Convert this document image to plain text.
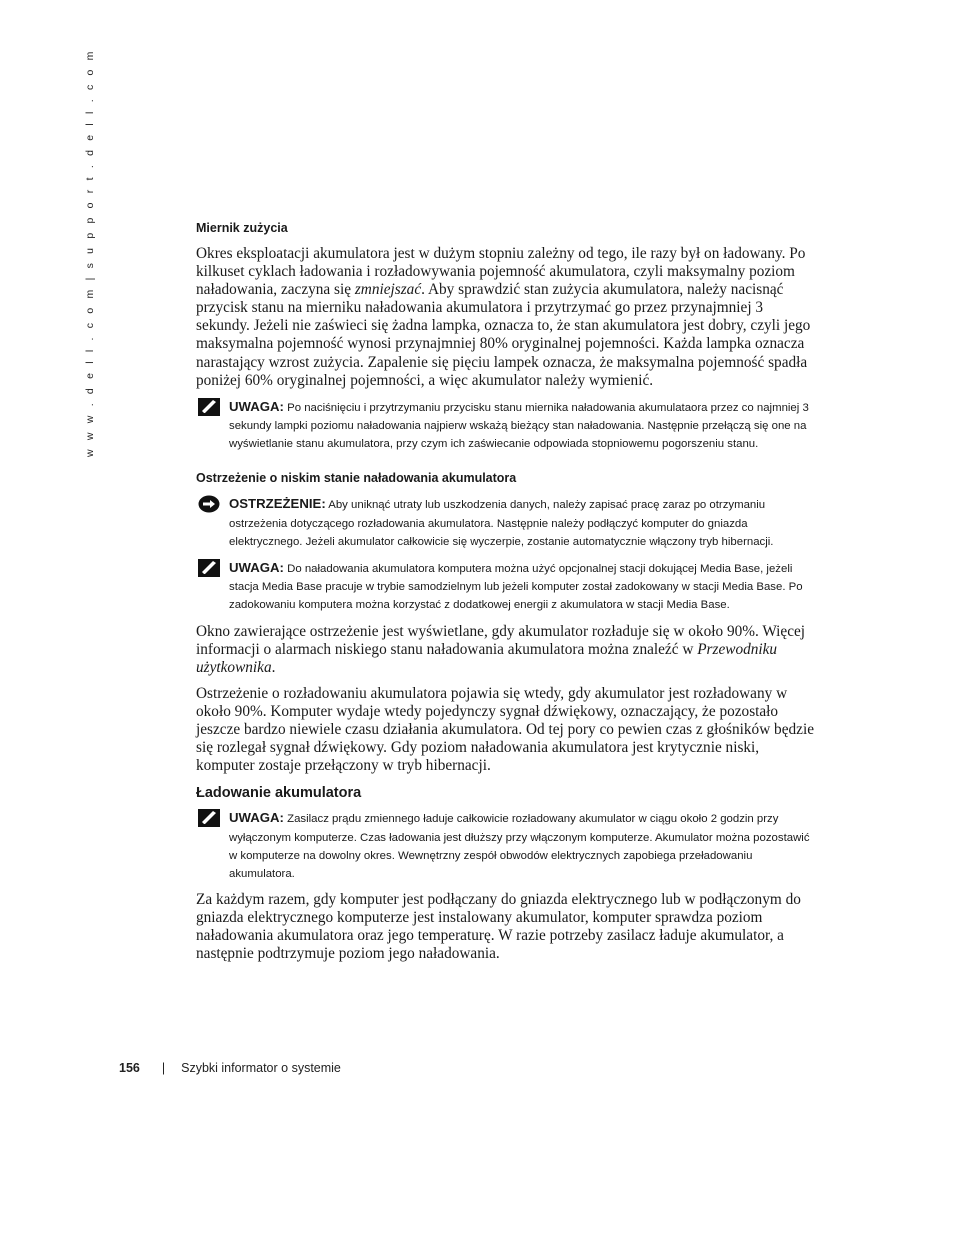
w w w . d e l l . c o m | s u p p o r t . d e l l . c o m	Miernik zużycia

Okres eksploatacji akumulatora jest w dużym stopniu zależny od tego, ile razy był on ładowany. Po kilkuset cyklach ładowania i rozładowywania pojemność akumulatora, czyli maksymalny poziom naładowania, zaczyna się zmniejszać. Aby sprawdzić stan zużycia akumulatora, należy nacisnąć przycisk stanu na mierniku naładowania akumulatora i przytrzymać go przez przynajmniej 3 sekundy. Jeżeli nie zaświeci się żadna lampka, oznacza to, że stan akumulatora jest dobry, czyli jego maksymalna pojemność wynosi przynajmniej 80% oryginalnej pojemności. Każda lampka oznacza narastający wzrost zużycia. Zapalenie się pięciu lampek oznacza, że maksymalna pojemność spadła poniżej 60% oryginalnej pojemności, a więc akumulator należy wymienić.

UWAGA: Po naciśnięciu i przytrzymaniu przycisku stanu miernika naładowania akumulataora przez co najmniej 3 sekundy lampki poziomu naładowania najpierw wskażą bieżący stan naładowania. Następnie przełączą się one na wyświetlanie stanu akumulatora, przy czym ich zaświecanie odpowiada stopniowemu pogorszeniu stanu.
Ostrzeżenie o niskim stanie naładowania akumulatora
OSTRZEŻENIE: Aby uniknąć utraty lub uszkodzenia danych, należy zapisać pracę zaraz po otrzymaniu ostrzeżenia dotyczącego rozładowania akumulatora. Następnie należy podłączyć komputer do gniazda elektrycznego. Jeżeli akumulator całkowicie się wyczerpie, zostanie automatycznie włączony tryb hibernacji.
UWAGA: Do naładowania akumulatora komputera można użyć opcjonalnej stacji dokującej Media Base, jeżeli stacja Media Base pracuje w trybie samodzielnym lub jeżeli komputer został zadokowany w stacji Media Base. Po zadokowaniu komputera można korzystać z dodatkowej energii z akumulatora w stacji Media Base.

Okno zawierające ostrzeżenie jest wyświetlane, gdy akumulator rozładuje się w około 90%. Więcej informacji o alarmach niskiego stanu naładowania akumulatora można znaleźć w Przewodniku użytkownika.

Ostrzeżenie o rozładowaniu akumulatora pojawia się wtedy, gdy akumulator jest rozładowany w około 90%. Komputer wydaje wtedy pojedynczy sygnał dźwiękowy, oznaczający, że pozostało jeszcze bardzo niewiele czasu działania akumulatora. Od tej pory co pewien czas z głośników będzie się rozlegał sygnał dźwiękowy. Gdy poziom naładowania akumulatora jest krytycznie niski, komputer zostaje przełączony w tryb hibernacji.

Ładowanie akumulatora
UWAGA: Zasilacz prądu zmiennego ładuje całkowicie rozładowany akumulator w ciągu około 2 godzin przy wyłączonym komputerze. Czas ładowania jest dłuższy przy włączonym komputerze. Akumulator można pozostawić w komputerze na dowolny okres. Wewnętrzny zespół obwodów elektrycznych zapobiega przeładowaniu akumulatora.

Za każdym razem, gdy komputer jest podłączany do gniazda elektrycznego lub w podłączonym do gniazda elektrycznego komputerze jest instalowany akumulator, komputer sprawdza poziom naładowania akumulatora oraz jego temperaturę. W razie potrzeby zasilacz ładuje akumulator, a następnie podtrzymuje poziom jego naładowania.

156 | Szybki informator o systemie
